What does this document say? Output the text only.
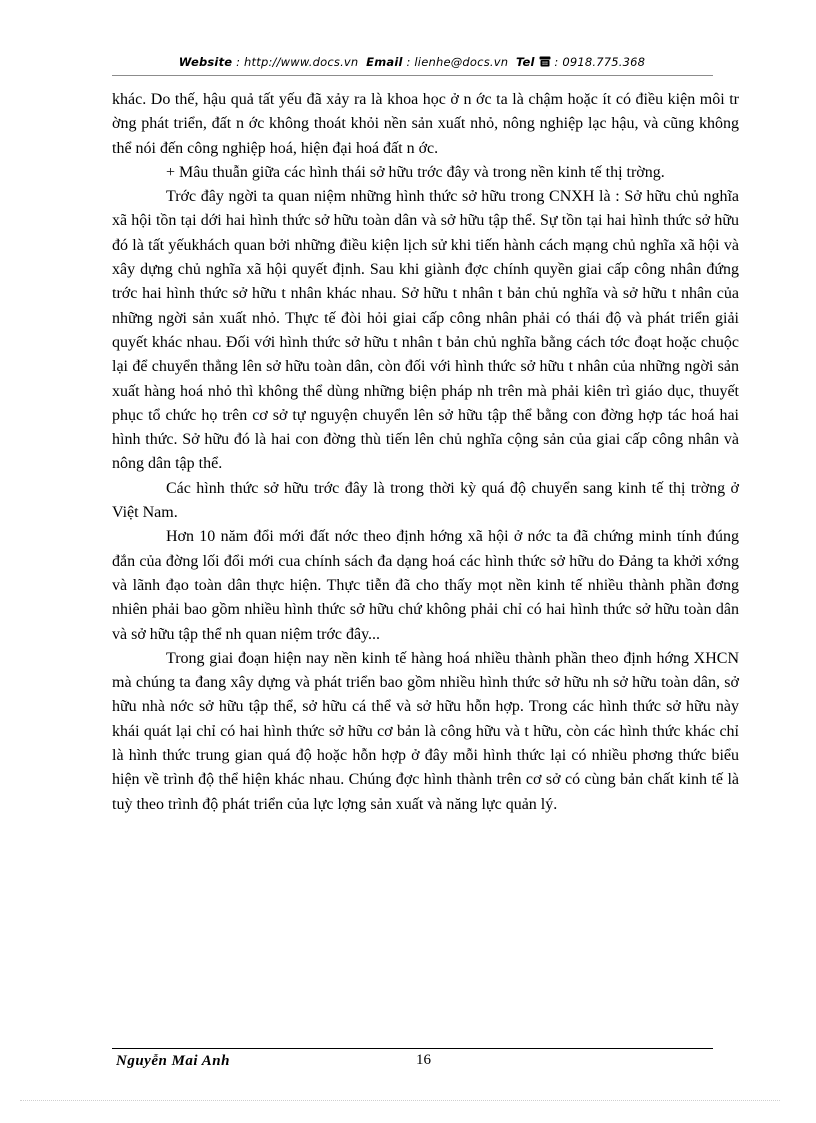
Website : http://www.docs.vn Email : lienhe@docs.vn Tel : 0918.775.368

khác. Do thế, hậu quả tất yếu đã xảy ra là khoa học ở n ớc ta là chậm hoặc ít có điều kiện môi tr ờng phát triển, đất n ớc không thoát khỏi nền sản xuất nhỏ, nông nghiệp lạc hậu, và cũng không thể nói đến công nghiệp hoá, hiện đại hoá đất n ớc.

+ Mâu thuẫn giữa các hình thái sở hữu trớc đây và trong nền kinh tế thị trờng.

Trớc đây ngời ta quan niệm những hình thức sở hữu trong CNXH là : Sở hữu chủ nghĩa xã hội tồn tại dới hai hình thức sở hữu toàn dân và sở hữu tập thể. Sự tồn tại hai hình thức sở hữu đó là tất yếukhách quan bởi những điều kiện lịch sử khi tiến hành cách mạng chủ nghĩa xã hội và xây dựng chủ nghĩa xã hội quyết định. Sau khi giành đợc chính quyền giai cấp công nhân đứng trớc hai hình thức sở hữu t nhân khác nhau. Sở hữu t nhân t bản chủ nghĩa và sở hữu t nhân của những ngời sản xuất nhỏ. Thực tế đòi hỏi giai cấp công nhân phải có thái độ và phát triển giải quyết khác nhau. Đối với hình thức sở hữu t nhân t bản chủ nghĩa bằng cách tớc đoạt hoặc chuộc lại để chuyển thẳng lên sở hữu toàn dân, còn đối với hình thức sở hữu t nhân của những ngời sản xuất hàng hoá nhỏ thì không thể dùng những biện pháp nh trên mà phải kiên trì giáo dục, thuyết phục tổ chức họ trên cơ sở tự nguyện chuyển lên sở hữu tập thể bằng con đờng hợp tác hoá hai hình thức. Sở hữu đó là hai con đờng thù tiến lên chủ nghĩa cộng sản của giai cấp công nhân và nông dân tập thể.

Các hình thức sở hữu trớc đây là trong thời kỳ quá độ chuyển sang kinh tế thị trờng ở Việt Nam.

Hơn 10 năm đổi mới đất nớc theo định hớng xã hội ở nớc ta đã chứng minh tính đúng đắn của đờng lối đổi mới cua chính sách đa dạng hoá các hình thức sở hữu do Đảng ta khởi xớng và lãnh đạo toàn dân thực hiện. Thực tiễn đã cho thấy mọt nền kinh tế nhiều thành phần đơng nhiên phải bao gồm nhiều hình thức sở hữu chứ không phải chỉ có hai hình thức sở hữu toàn dân và sở hữu tập thể nh quan niệm trớc đây...

Trong giai đoạn hiện nay nền kinh tế hàng hoá nhiều thành phần theo định hớng XHCN mà chúng ta đang xây dựng và phát triển bao gồm nhiều hình thức sở hữu nh sở hữu toàn dân, sở hữu nhà nớc sở hữu tập thể, sở hữu cá thể và sở hữu hỗn hợp. Trong các hình thức sở hữu này khái quát lại chỉ có hai hình thức sở hữu cơ bản là công hữu và t hữu, còn các hình thức khác chỉ là hình thức trung gian quá độ hoặc hỗn hợp ở đây mỗi hình thức lại có nhiều phơng thức biểu hiện về trình độ thể hiện khác nhau. Chúng đợc hình thành trên cơ sở có cùng bản chất kinh tế là tuỳ theo trình độ phát triển của lực lợng sản xuất và năng lực quản lý.

Nguyễn Mai Anh	16
